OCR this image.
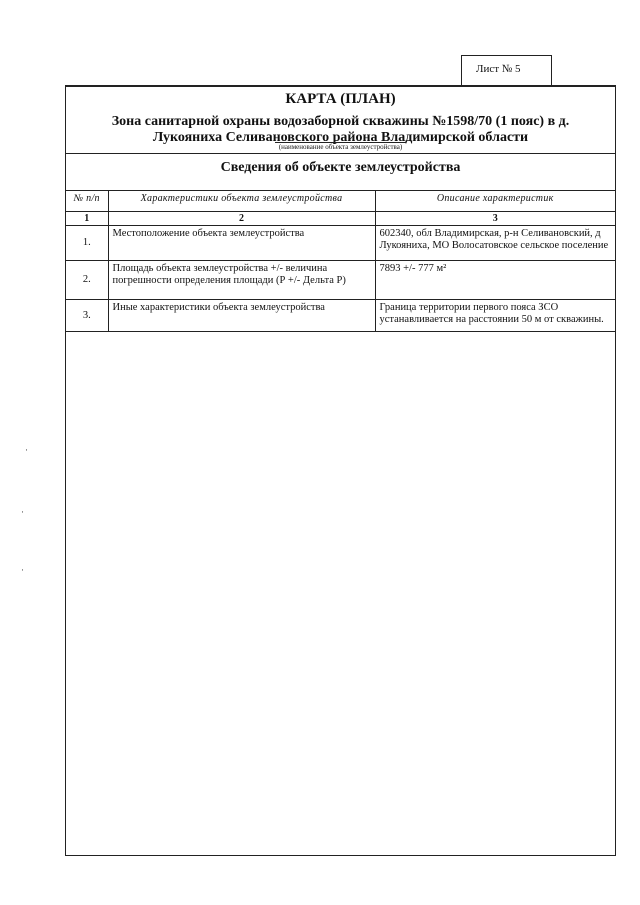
Лист № 5
КАРТА (ПЛАН)
Зона санитарной охраны водозаборной скважины №1598/70 (1 пояс) в д.
Лукояниха Селивановского района Владимирской области
(наименование объекта землеустройства)
Сведения об объекте землеустройства
№ п/п	Характеристики объекта землеустройства	Описание характеристик
1	2	3
1.	Местоположение объекта землеустройства	602340, обл Владимирская, р-н Селивановский, д Лукояниха, МО Волосатовское сельское поселение
2.	Площадь объекта землеустройства +/- величина погрешности определения площади (Р +/- Дельта Р)	7893 +/- 777 м²
3.	Иные характеристики объекта землеустройства	Граница территории первого пояса ЗСО устанавливается на расстоянии 50 м от скважины.
·
·
·
